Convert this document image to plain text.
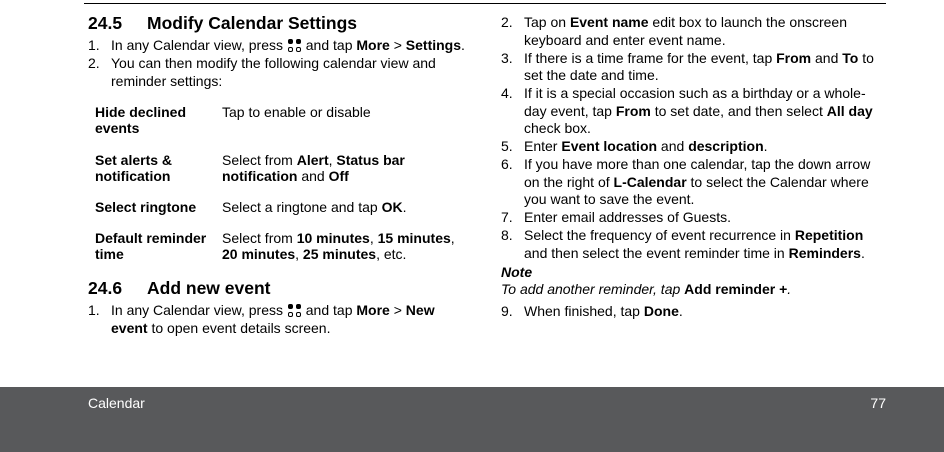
24.5 Modify Calendar Settings
1. In any Calendar view, press
and tap More > Settings.
2. You can then modify the following calendar view and reminder settings:
Hide declined events
Tap to enable or disable
Set alerts & notification
Select from Alert, Status bar notification and Off
Select ringtone	Select a ringtone and tap OK.
Default reminder time
Select from 10 minutes, 15 minutes, 20 minutes, 25 minutes, etc.
24.6 Add new event
1. In any Calendar view, press
and tap More > New event to open event details screen.
2. Tap on Event name edit box to launch the onscreen keyboard and enter event name.
3. If there is a time frame for the event, tap From and To to set the date and time.
4. If it is a special occasion such as a birthday or a whole-day event, tap From to set date, and then select All day check box.
5. Enter Event location and description.
6. If you have more than one calendar, tap the down arrow on the right of L-Calendar to select the Calendar where you want to save the event.
7. Enter email addresses of Guests.
8. Select the frequency of event recurrence in Repetition and then select the event reminder time in Reminders.
Note
To add another reminder, tap Add reminder +.
9. When finished, tap Done.
Calendar	77
